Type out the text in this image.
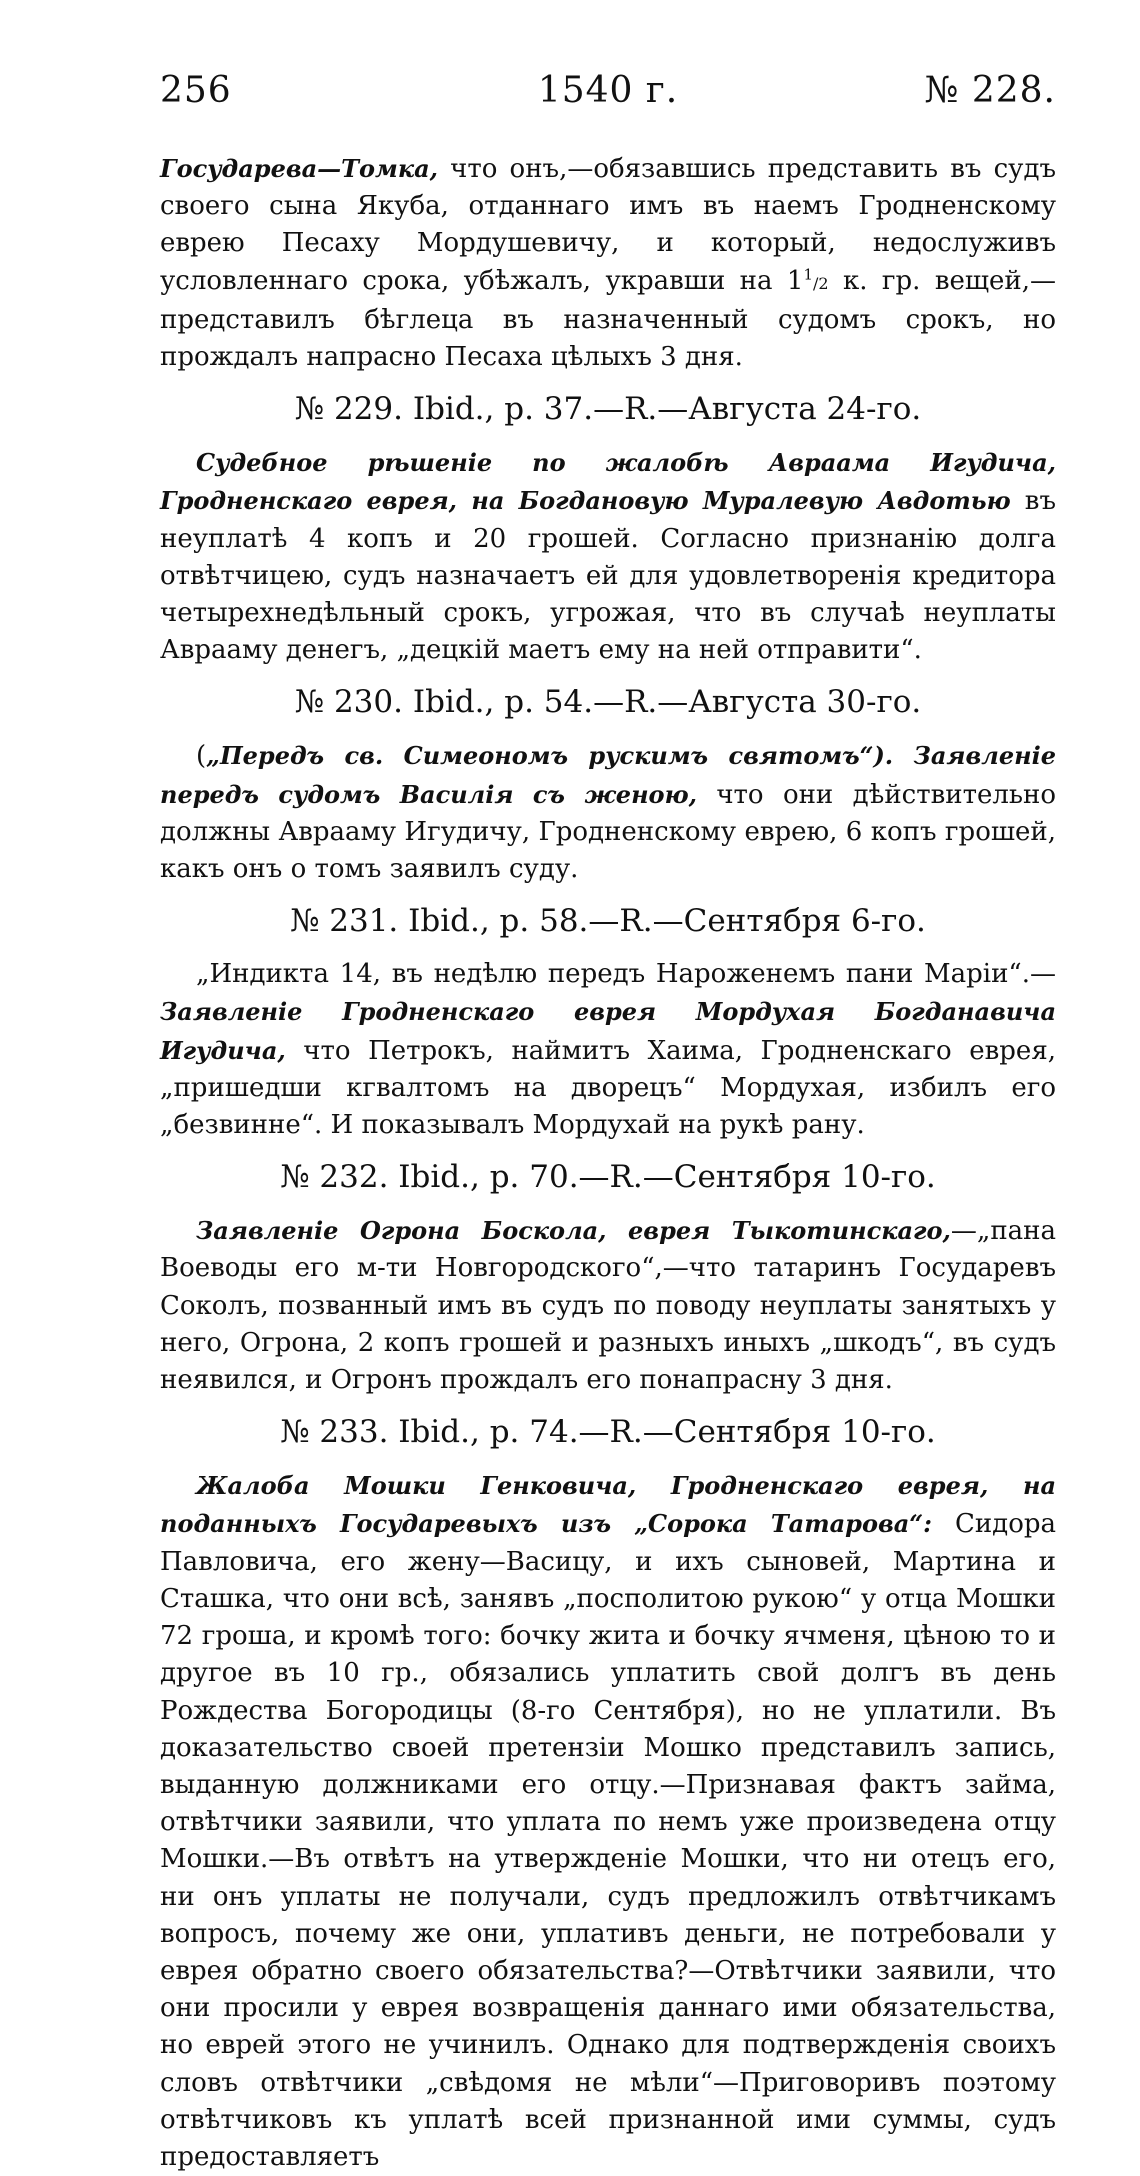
256	1540 г.	№ 228.

Государева—Томка, что онъ,—обязавшись представить въ судъ своего сына Якуба, отданнаго имъ въ наемъ Гродненскому еврею Песаху Мордушевичу, и который, недослуживъ условленнаго срока, убѣжалъ, укравши на $1^1/2$ к. гр. вещей,—представилъ бѣглеца въ назначенный судомъ срокъ, но прождалъ напрасно Песаха цѣлыхъ 3 дня.

№ 229. Ibid., р. 37.—R.—Августа 24-го.

Судебное рѣшеніе по жалобѣ Авраама Игудича, Гродненскаго еврея, на Богдановую Муралевую Авдотью въ неуплатѣ 4 копъ и 20 грошей. Согласно признанію долга отвѣтчицею, судъ назначаетъ ей для удовлетворенія кредитора четырехнедѣльный срокъ, угрожая, что въ случаѣ неуплаты Аврааму денегъ, „децкій маетъ ему на ней отправити“.

№ 230. Ibid., р. 54.—R.—Августа 30-го.

(„Передъ св. Симеономъ рускимъ святомъ“). Заявленіе передъ судомъ Василія съ женою, что они дѣйствительно должны Аврааму Игудичу, Гродненскому еврею, 6 копъ грошей, какъ онъ о томъ заявилъ суду.

№ 231. Ibid., р. 58.—R.—Сентября 6-го.

„Индикта 14, въ недѣлю передъ Нароженемъ пани Маріи“.—Заявленіе Гродненскаго еврея Мордухая Богданавича Игудича, что Петрокъ, наймитъ Хаима, Гродненскаго еврея, „пришедши кгвалтомъ на дворецъ“ Мордухая, избилъ его „безвинне“. И показывалъ Мордухай на рукѣ рану.

№ 232. Ibid., р. 70.—R.—Сентября 10-го.

Заявленіе Огрона Боскола, еврея Тыкотинскаго,—„пана Воеводы его м-ти Новгородского“,—что татаринъ Государевъ Соколъ, позванный имъ въ судъ по поводу неуплаты занятыхъ у него, Огрона, 2 копъ грошей и разныхъ иныхъ „шкодъ“, въ судъ неявился, и Огронъ прождалъ его понапрасну 3 дня.

№ 233. Ibid., р. 74.—R.—Сентября 10-го.

Жалоба Мошки Генковича, Гродненскаго еврея, на поданныхъ Государевыхъ изъ „Сорока Татарова“: Сидора Павловича, его жену—Васицу, и ихъ сыновей, Мартина и Сташка, что они всѣ, занявъ „посполитою рукою“ у отца Мошки 72 гроша, и кромѣ того: бочку жита и бочку ячменя, цѣною то и другое въ 10 гр., обязались уплатить свой долгъ въ день Рождества Богородицы (8-го Сентября), но не уплатили. Въ доказательство своей претензіи Мошко представилъ запись, выданную должниками его отцу.—Признавая фактъ займа, отвѣтчики заявили, что уплата по немъ уже произведена отцу Мошки.—Въ отвѣтъ на утвержденіе Мошки, что ни отецъ его, ни онъ уплаты не получали, судъ предложилъ отвѣтчикамъ вопросъ, почему же они, уплативъ деньги, не потребовали у еврея обратно своего обязательства?—Отвѣтчики заявили, что они просили у еврея возвращенія даннаго ими обязательства, но еврей этого не учинилъ. Однако для подтвержденія своихъ словъ отвѣтчики „свѣдомя не мѣли“—Приговоривъ поэтому отвѣтчиковъ къ уплатѣ всей признанной ими суммы, судъ предоставляетъ
